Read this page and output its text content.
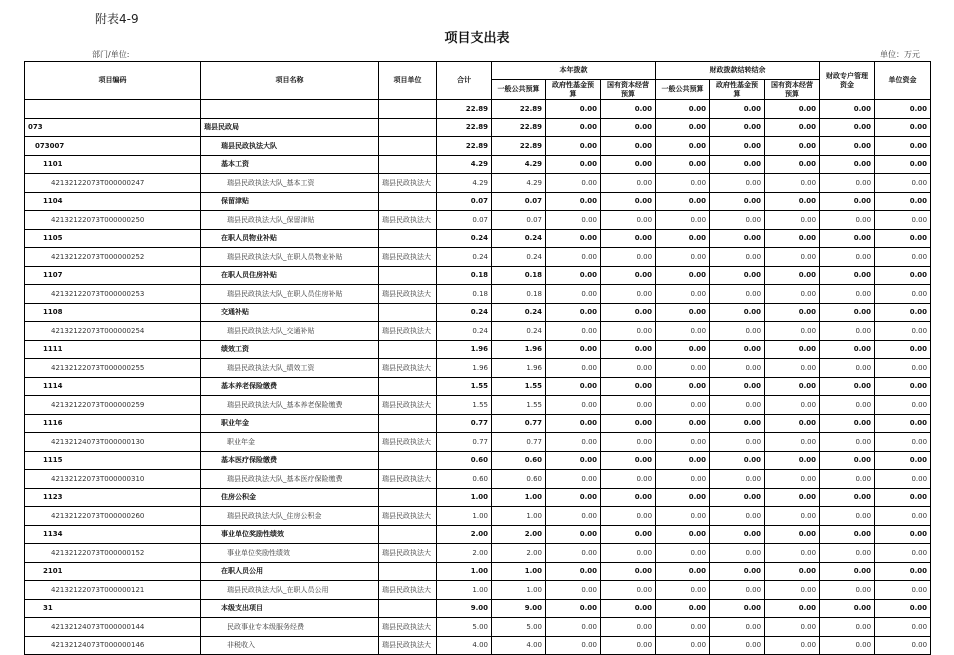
附表4-9
项目支出表
部门/单位:	单位：万元
项目编码	项目名称	项目单位	合计	本年拨款			财政拨款结转结余			财政专户管理资金	单位资金
				一般公共预算	政府性基金预算	国有资本经营预算	一般公共预算	政府性基金预算	国有资本经营预算		
			22.89	22.89	0.00	0.00	0.00	0.00	0.00	0.00	0.00
073	瑞县民政局		22.89	22.89	0.00	0.00	0.00	0.00	0.00	0.00	0.00
073007	瑞县民政执法大队		22.89	22.89	0.00	0.00	0.00	0.00	0.00	0.00	0.00
1101	基本工资		4.29	4.29	0.00	0.00	0.00	0.00	0.00	0.00	0.00
42132122073T000000247	瑞县民政执法大队_基本工资	瑞县民政执法大	4.29	4.29	0.00	0.00	0.00	0.00	0.00	0.00	0.00
1104	保留津贴		0.07	0.07	0.00	0.00	0.00	0.00	0.00	0.00	0.00
42132122073T000000250	瑞县民政执法大队_保留津贴	瑞县民政执法大	0.07	0.07	0.00	0.00	0.00	0.00	0.00	0.00	0.00
1105	在职人员物业补贴		0.24	0.24	0.00	0.00	0.00	0.00	0.00	0.00	0.00
42132122073T000000252	瑞县民政执法大队_在职人员物业补贴	瑞县民政执法大	0.24	0.24	0.00	0.00	0.00	0.00	0.00	0.00	0.00
1107	在职人员住房补贴		0.18	0.18	0.00	0.00	0.00	0.00	0.00	0.00	0.00
42132122073T000000253	瑞县民政执法大队_在职人员住房补贴	瑞县民政执法大	0.18	0.18	0.00	0.00	0.00	0.00	0.00	0.00	0.00
1108	交通补贴		0.24	0.24	0.00	0.00	0.00	0.00	0.00	0.00	0.00
42132122073T000000254	瑞县民政执法大队_交通补贴	瑞县民政执法大	0.24	0.24	0.00	0.00	0.00	0.00	0.00	0.00	0.00
1111	绩效工资		1.96	1.96	0.00	0.00	0.00	0.00	0.00	0.00	0.00
42132122073T000000255	瑞县民政执法大队_绩效工资	瑞县民政执法大	1.96	1.96	0.00	0.00	0.00	0.00	0.00	0.00	0.00
1114	基本养老保险缴费		1.55	1.55	0.00	0.00	0.00	0.00	0.00	0.00	0.00
42132122073T000000259	瑞县民政执法大队_基本养老保险缴费	瑞县民政执法大	1.55	1.55	0.00	0.00	0.00	0.00	0.00	0.00	0.00
1116	职业年金		0.77	0.77	0.00	0.00	0.00	0.00	0.00	0.00	0.00
42132124073T000000130	职业年金	瑞县民政执法大	0.77	0.77	0.00	0.00	0.00	0.00	0.00	0.00	0.00
1115	基本医疗保险缴费		0.60	0.60	0.00	0.00	0.00	0.00	0.00	0.00	0.00
42132122073T000000310	瑞县民政执法大队_基本医疗保险缴费	瑞县民政执法大	0.60	0.60	0.00	0.00	0.00	0.00	0.00	0.00	0.00
1123	住房公积金		1.00	1.00	0.00	0.00	0.00	0.00	0.00	0.00	0.00
42132122073T000000260	瑞县民政执法大队_住房公积金	瑞县民政执法大	1.00	1.00	0.00	0.00	0.00	0.00	0.00	0.00	0.00
1134	事业单位奖励性绩效		2.00	2.00	0.00	0.00	0.00	0.00	0.00	0.00	0.00
42132122073T000000152	事业单位奖励性绩效	瑞县民政执法大	2.00	2.00	0.00	0.00	0.00	0.00	0.00	0.00	0.00
2101	在职人员公用		1.00	1.00	0.00	0.00	0.00	0.00	0.00	0.00	0.00
42132122073T000000121	瑞县民政执法大队_在职人员公用	瑞县民政执法大	1.00	1.00	0.00	0.00	0.00	0.00	0.00	0.00	0.00
31	本级支出项目		9.00	9.00	0.00	0.00	0.00	0.00	0.00	0.00	0.00
42132124073T000000144	民政事业专本级服务经费	瑞县民政执法大	5.00	5.00	0.00	0.00	0.00	0.00	0.00	0.00	0.00
42132124073T000000146	非税收入	瑞县民政执法大	4.00	4.00	0.00	0.00	0.00	0.00	0.00	0.00	0.00
